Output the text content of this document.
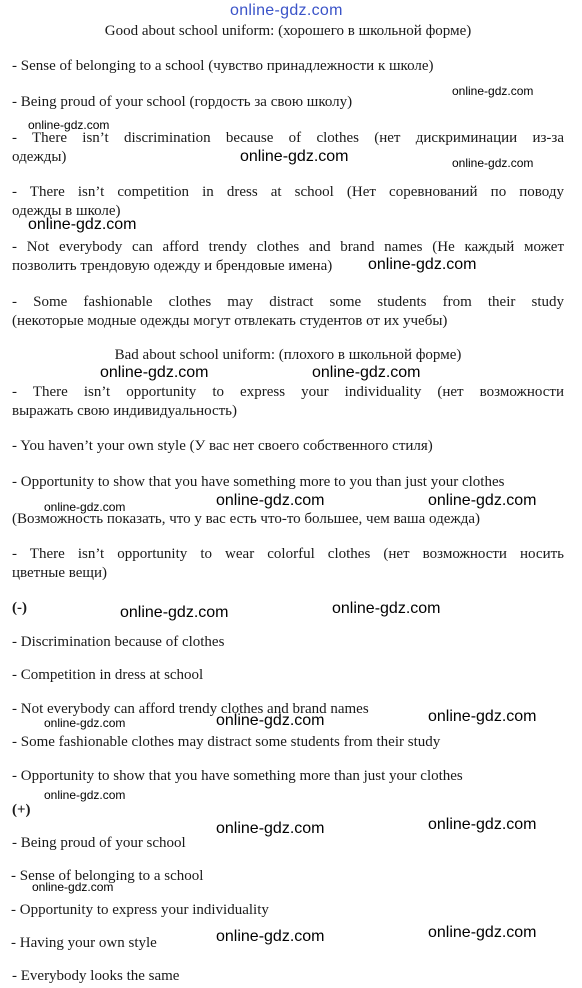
online-gdz.com

Good about school uniform: (хорошего в школьной форме)

- Sense of belonging to a school (чувство принадлежности к школе)

- Being proud of your school (гордость за свою школу)

- There isn’t discrimination because of clothes (нет дискриминации из-за

одежды)

- There isn’t competition in dress at school (Нет соревнований по поводу

одежды в школе)

- Not everybody can afford trendy clothes and brand names (Не каждый может

позволить трендовую одежду и брендовые имена)

- Some fashionable clothes may distract some students from their study

(некоторые модные одежды могут отвлекать студентов от их учебы)

Bad about school uniform: (плохого в школьной форме)

- There isn’t opportunity to express your individuality (нет возможности

выражать свою индивидуальность)

- You haven’t your own style (У вас нет своего собственного стиля)

- Opportunity to show that you have something more to you than just your clothes

(Возможность показать, что у вас есть что-то большее, чем ваша одежда)

- There isn’t opportunity to wear colorful clothes (нет возможности носить

цветные вещи)

(-)

- Discrimination because of clothes

- Competition in dress at school

- Not everybody can afford trendy clothes and brand names

- Some fashionable clothes may distract some students from their study

- Opportunity to show that you have something more than just your clothes

(+)

- Being proud of your school

- Sense of belonging to a school

- Opportunity to express your individuality

- Having your own style

- Everybody looks the same

online-gdz.com
online-gdz.com
online-gdz.com	online-gdz.com
online-gdz.com
online-gdz.com
online-gdz.com	online-gdz.com
online-gdz.com	online-gdz.com	online-gdz.com
online-gdz.com	online-gdz.com
online-gdz.com	online-gdz.com	online-gdz.com
online-gdz.com
online-gdz.com	online-gdz.com
online-gdz.com
online-gdz.com	online-gdz.com
